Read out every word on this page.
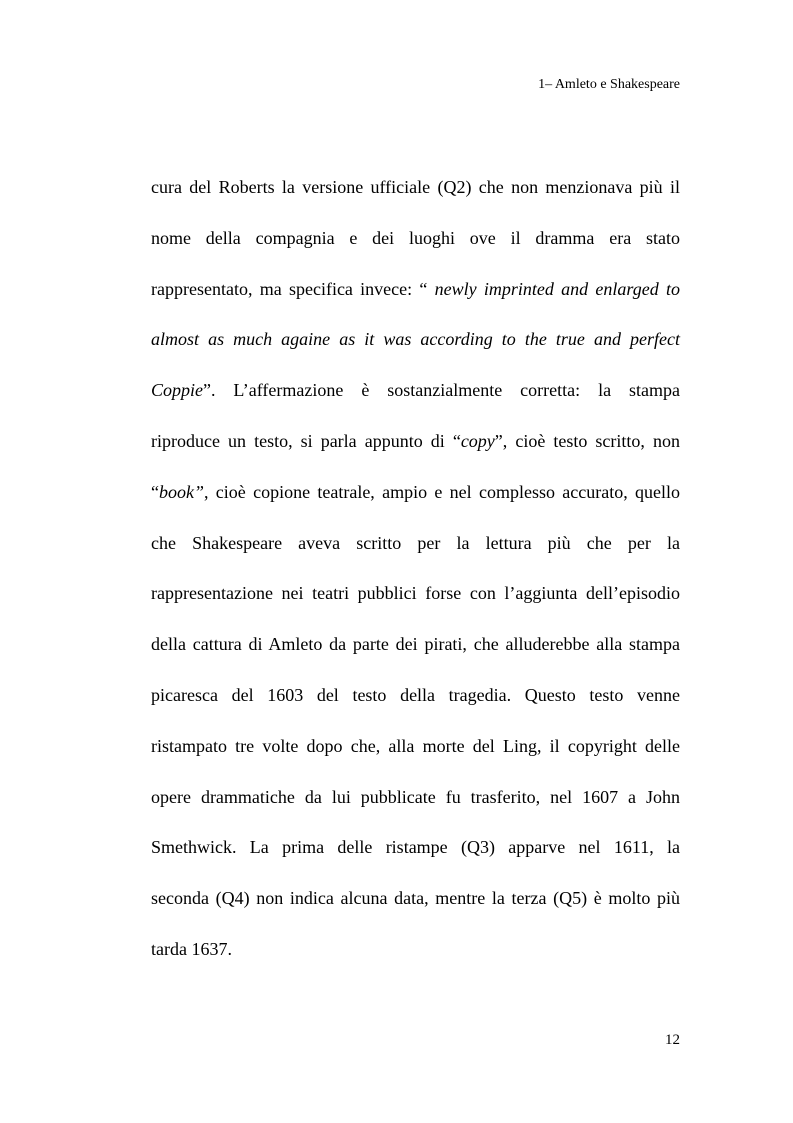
1– Amleto e Shakespeare
cura del Roberts la versione ufficiale (Q2) che non menzionava più il
nome della compagnia e dei luoghi ove il dramma era stato
rappresentato, ma specifica invece: “ newly imprinted and enlarged to
almost as much againe as it was according to the true and perfect
Coppie”. L’affermazione è sostanzialmente corretta: la stampa
riproduce un testo, si parla appunto di “copy”, cioè testo scritto, non
“book”, cioè copione teatrale, ampio e nel complesso accurato, quello
che Shakespeare aveva scritto per la lettura più che per la
rappresentazione nei teatri pubblici forse con l’aggiunta dell’episodio
della cattura di Amleto da parte dei pirati, che alluderebbe alla stampa
picaresca del 1603 del testo della tragedia. Questo testo venne
ristampato tre volte dopo che, alla morte del Ling, il copyright delle
opere drammatiche da lui pubblicate fu trasferito, nel 1607 a John
Smethwick. La prima delle ristampe (Q3) apparve nel 1611, la
seconda (Q4) non indica alcuna data, mentre la terza (Q5) è molto più
tarda 1637.
12
